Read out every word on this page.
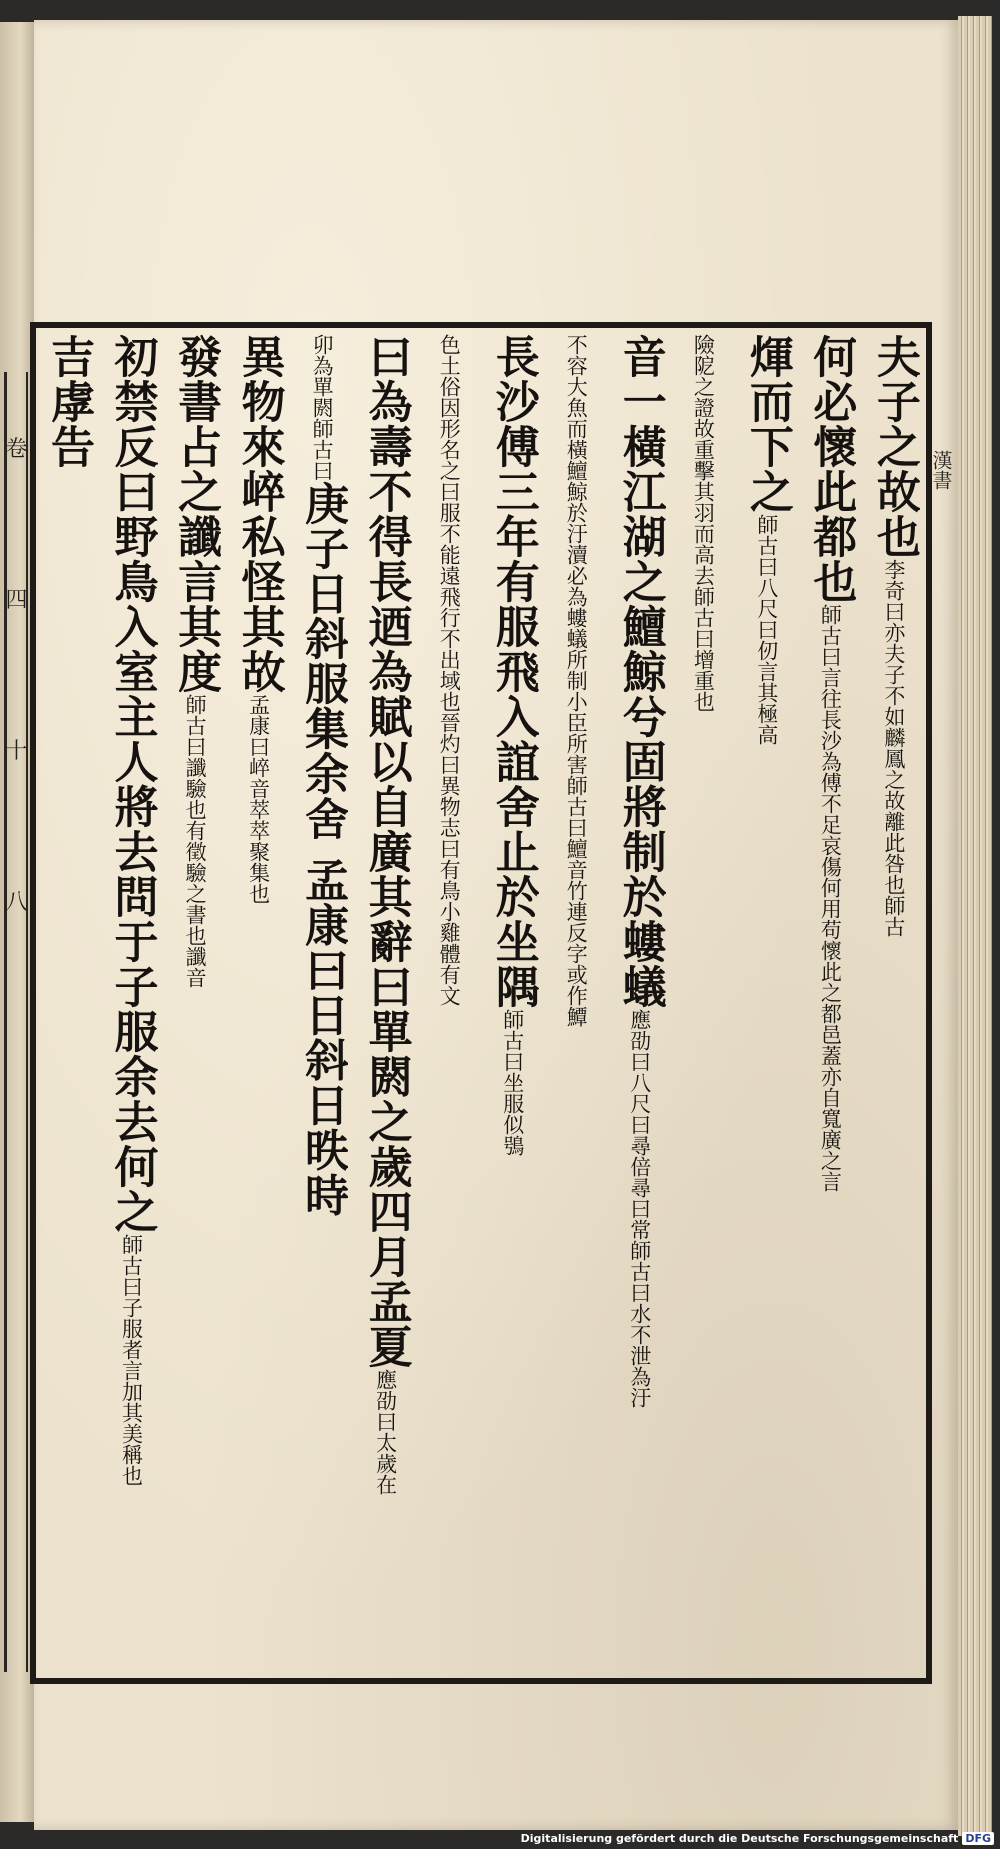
卷
四
十
八
漢書
夫子之故也李奇曰亦夫子不如麟鳳之故離此咎也師古
何必懷此都也師古曰言往長沙為傅不足哀傷何用苟懷此之都邑蓋亦自寬廣之言
煇而下之師古曰八尺曰仞言其極高
險阸之證故重擊其羽而高去師古曰增重也
音一橫江湖之鱣鯨兮固將制於螻蟻應劭曰八尺曰尋倍尋曰常師古曰水不泄為汙
不容大魚而橫鱣鯨於汙瀆必為螻蟻所制小臣所害師古曰鱣音竹連反字或作鱏
長沙傅三年有服飛入誼舍止於坐隅師古曰坐服似鴞
色土俗因形名之曰服不能遠飛行不出域也晉灼曰異物志曰有鳥小雞體有文
曰為壽不得長迺為賦以自廣其辭曰單閼之歲四月孟夏應劭曰太歲在
卯為單閼師古曰庚子日斜服集余舍 孟康曰日斜日昳時
異物來崪私怪其故孟康曰崪音萃萃聚集也
發書占之讖言其度師古曰讖驗也有徵驗之書也讖音
初禁反曰野鳥入室主人將去問于子服余去何之師古曰子服者言加其美稱也
吉虖告
Digitalisierung gefördert durch die Deutsche Forschungsgemeinschaft DFG
